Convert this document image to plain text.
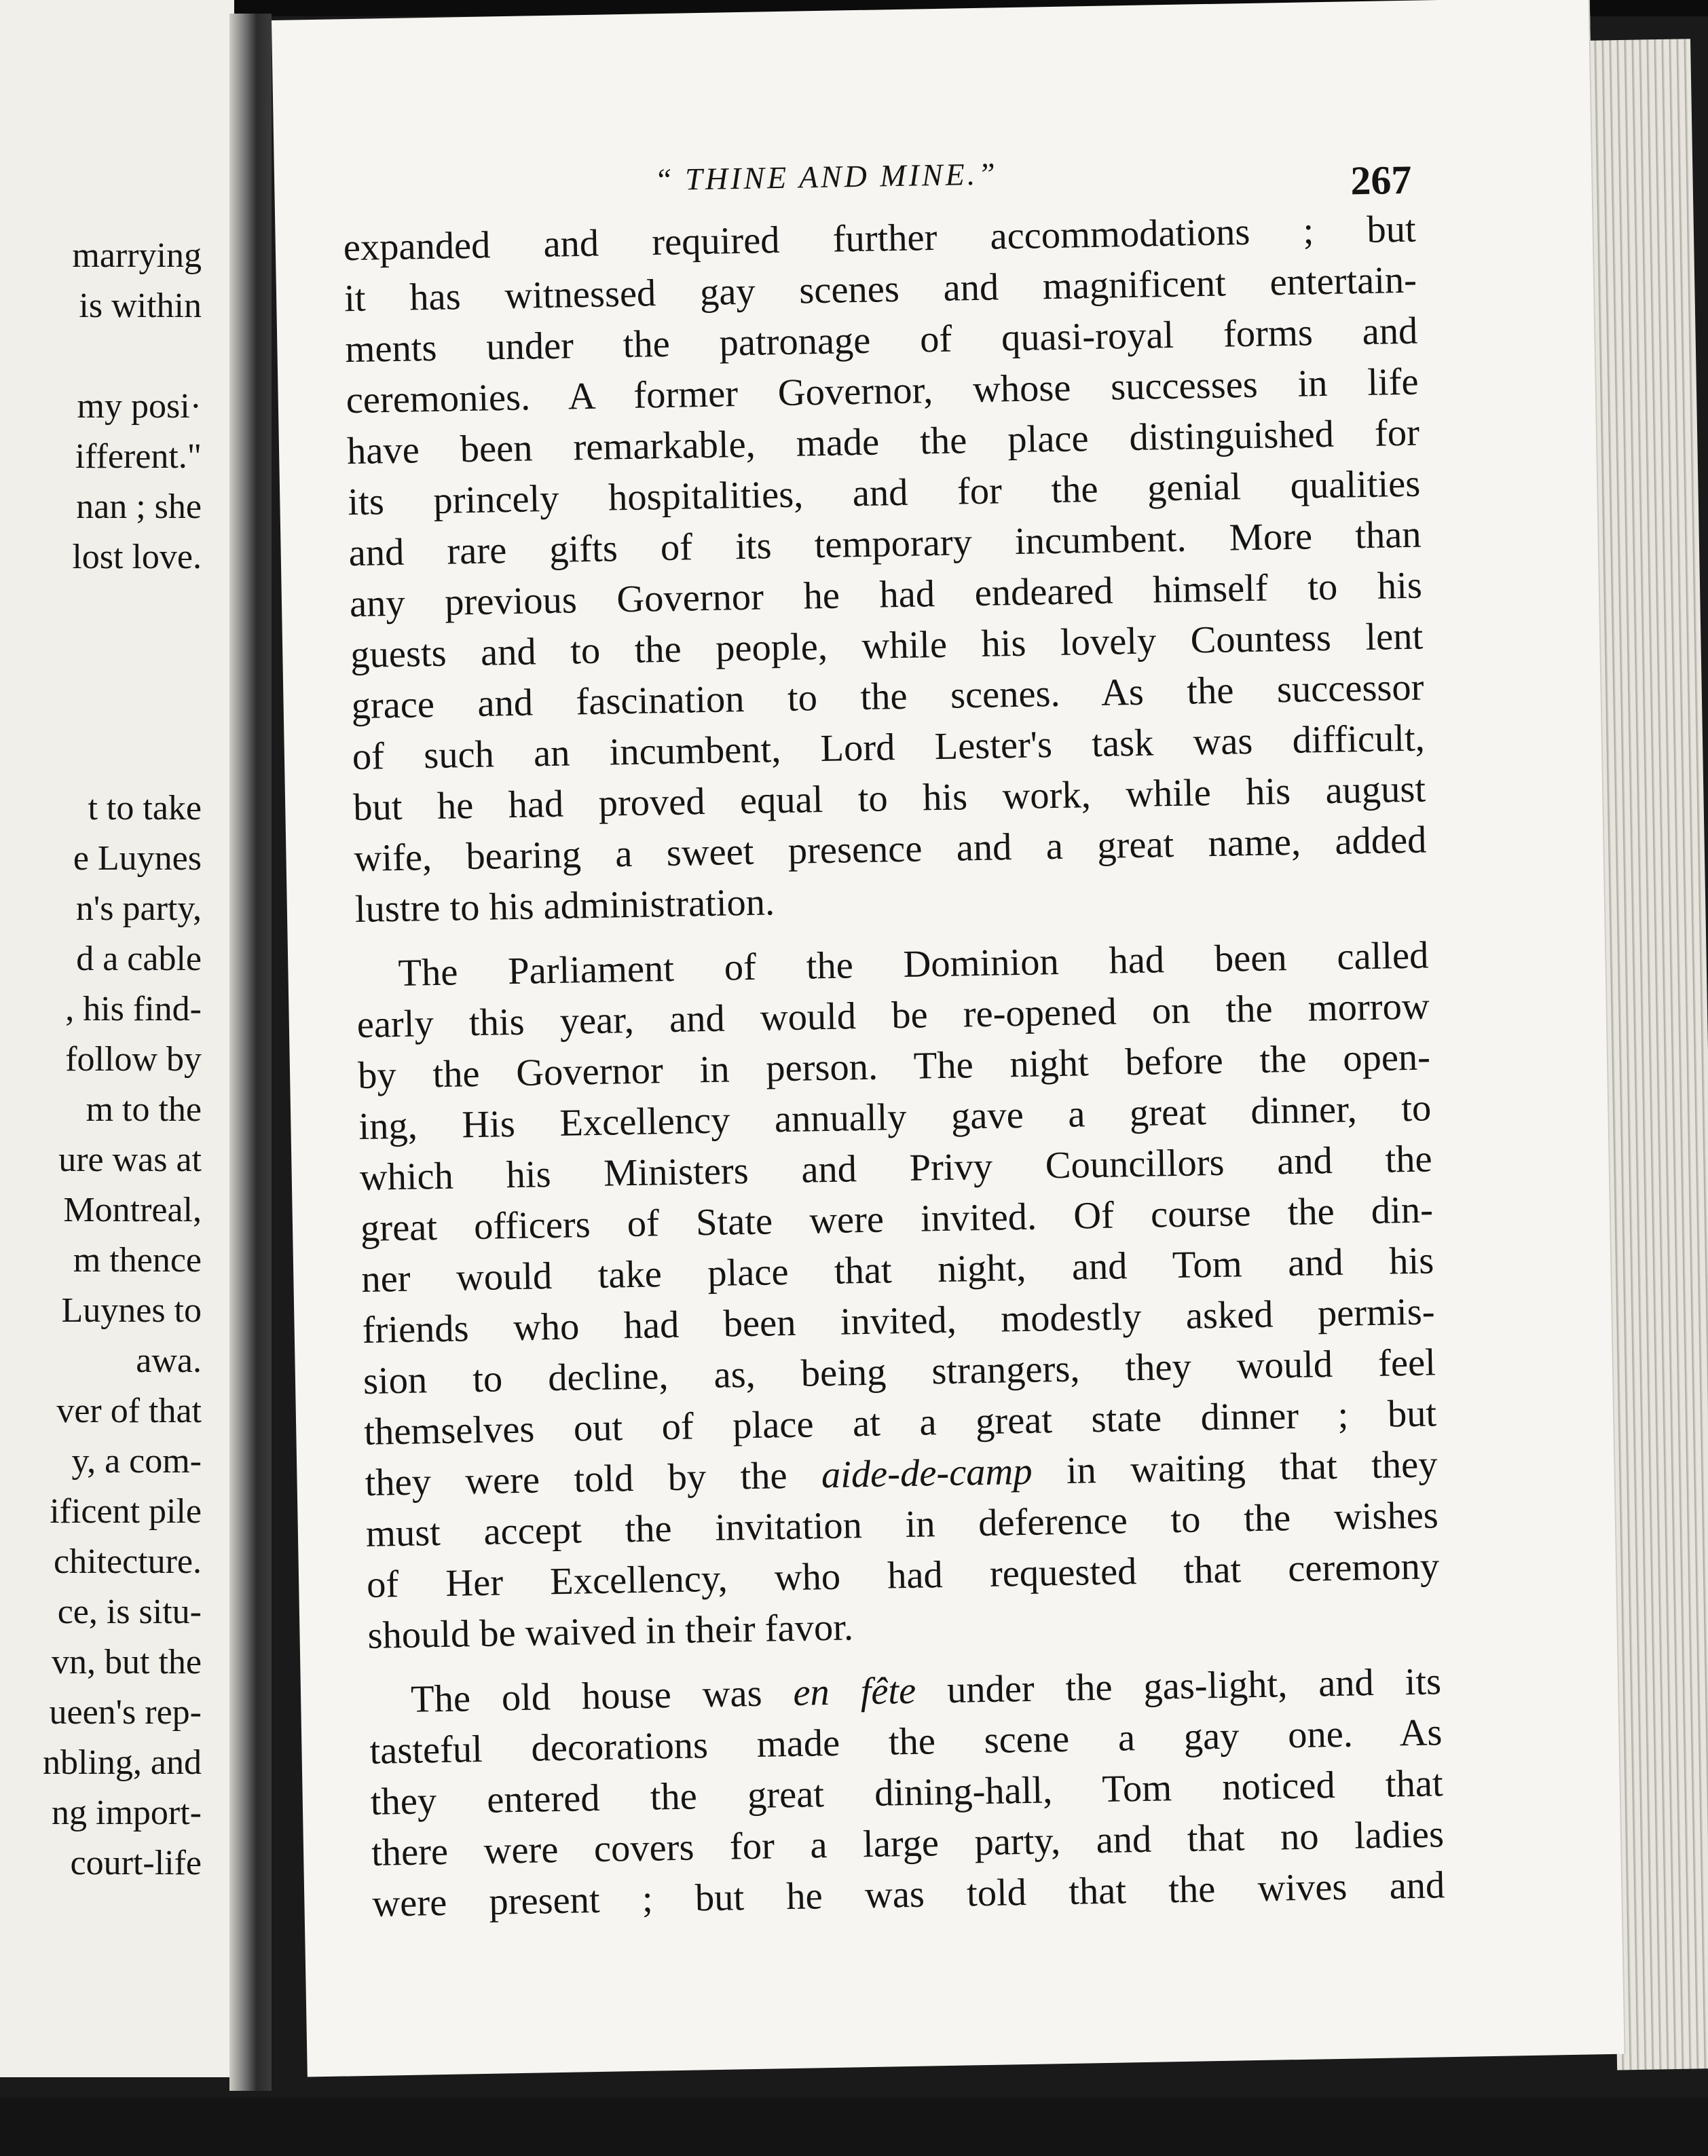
marrying
is within
my posi·
ifferent."
nan ; she
lost love.
t to take
e Luynes
n's party,
d a cable
, his find-
follow by
m to the
ure was at
Montreal,
m thence
Luynes to
awa.
ver of that
y, a com-
ificent pile
chitecture.
ce, is situ-
vn, but the
ueen's rep-
nbling, and
ng import-
court-life
“ THINE AND MINE.”	267
expanded and required further accommodations ; but
it has witnessed gay scenes and magnificent entertain-
ments under the patronage of quasi-royal forms and
ceremonies. A former Governor, whose successes in life
have been remarkable, made the place distinguished for
its princely hospitalities, and for the genial qualities
and rare gifts of its temporary incumbent. More than
any previous Governor he had endeared himself to his
guests and to the people, while his lovely Countess lent
grace and fascination to the scenes. As the successor
of such an incumbent, Lord Lester's task was difficult,
but he had proved equal to his work, while his august
wife, bearing a sweet presence and a great name, added
lustre to his administration.
The Parliament of the Dominion had been called
early this year, and would be re-opened on the morrow
by the Governor in person. The night before the open-
ing, His Excellency annually gave a great dinner, to
which his Ministers and Privy Councillors and the
great officers of State were invited. Of course the din-
ner would take place that night, and Tom and his
friends who had been invited, modestly asked permis-
sion to decline, as, being strangers, they would feel
themselves out of place at a great state dinner ; but
they were told by the aide-de-camp in waiting that they
must accept the invitation in deference to the wishes
of Her Excellency, who had requested that ceremony
should be waived in their favor.
The old house was en fête under the gas-light, and its
tasteful decorations made the scene a gay one. As
they entered the great dining-hall, Tom noticed that
there were covers for a large party, and that no ladies
were present ; but he was told that the wives and
